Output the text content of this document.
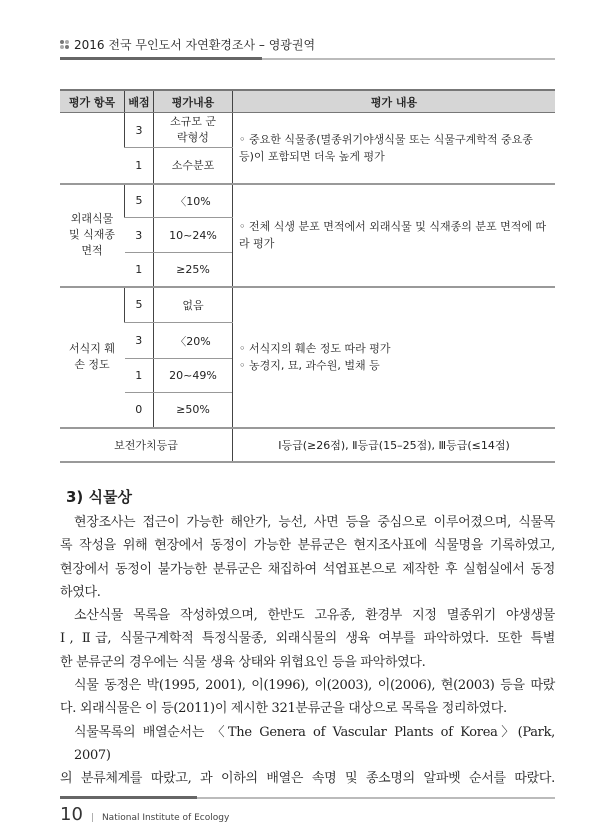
2016 전국 무인도서 자연환경조사 – 영광권역
평가 항목	배점	평가내용	평가 내용
	3	소규모 군락형성	◦ 중요한 식물종(멸종위기야생식물 또는 식물구계학적 중요종 등)이 포함되면 더욱 높게 평가

	1	소수분포	
외래식물 및 식재종 면적	5	〈10%	◦ 전체 식생 분포 면적에서 외래식물 및 식재종의 분포 면적에 따라 평가

	3	10~24%	
	1	≥25%	
서식지 훼손 정도	5	없음	◦ 서식지의 훼손 정도 따라 평가
◦ 농경지, 묘, 과수원, 벌채 등

	3	〈20%	
	1	20~49%	
	0	≥50%	
보전가치등급			Ⅰ등급(≥26점), Ⅱ등급(15–25점), Ⅲ등급(≤14점)
3) 식물상
현장조사는 접근이 가능한 해안가, 능선, 사면 등을 중심으로 이루어졌으며, 식물목
록 작성을 위해 현장에서 동정이 가능한 분류군은 현지조사표에 식물명을 기록하였고,
현장에서 동정이 불가능한 분류군은 채집하여 석엽표본으로 제작한 후 실험실에서 동정
하였다.
소산식물 목록을 작성하였으며, 한반도 고유종, 환경부 지정 멸종위기 야생생물
Ⅰ, Ⅱ급, 식물구계학적 특정식물종, 외래식물의 생육 여부를 파악하였다. 또한 특별
한 분류군의 경우에는 식물 생육 상태와 위협요인 등을 파악하였다.
식물 동정은 박(1995, 2001), 이(1996), 이(2003), 이(2006), 현(2003) 등을 따랐
다. 외래식물은 이 등(2011)이 제시한 321분류군을 대상으로 목록을 정리하였다.
식물목록의 배열순서는 〈The Genera of Vascular Plants of Korea〉(Park, 2007)
의 분류체계를 따랐고, 과 이하의 배열은 속명 및 종소명의 알파벳 순서를 따랐다.
10 | National Institute of Ecology
